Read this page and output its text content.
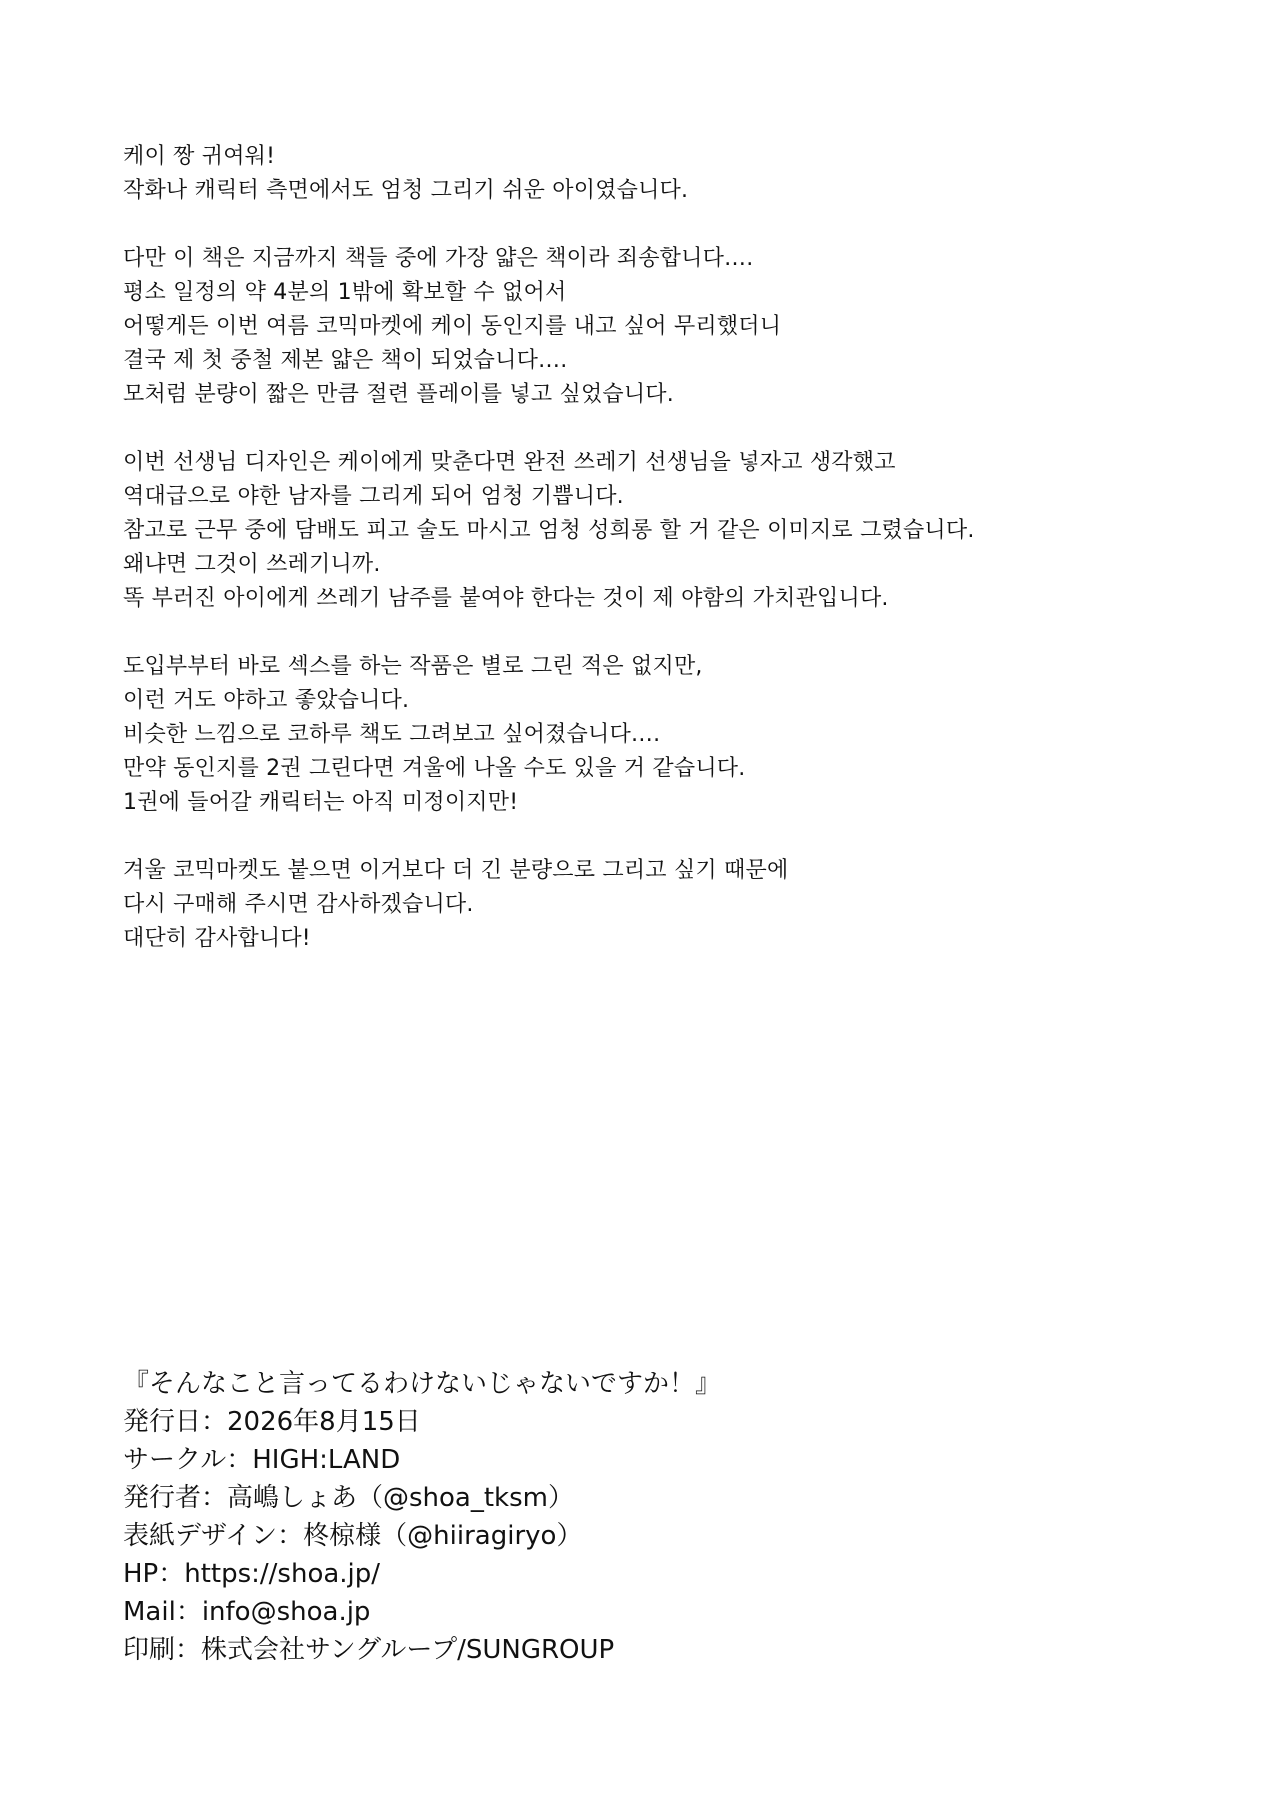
케이 짱 귀여워!
작화나 캐릭터 측면에서도 엄청 그리기 쉬운 아이였습니다.
다만 이 책은 지금까지 책들 중에 가장 얇은 책이라 죄송합니다….
평소 일정의 약 4분의 1밖에 확보할 수 없어서
어떻게든 이번 여름 코믹마켓에 케이 동인지를 내고 싶어 무리했더니
결국 제 첫 중철 제본 얇은 책이 되었습니다….
모처럼 분량이 짧은 만큼 절련 플레이를 넣고 싶었습니다.
이번 선생님 디자인은 케이에게 맞춘다면 완전 쓰레기 선생님을 넣자고 생각했고
역대급으로 야한 남자를 그리게 되어 엄청 기쁩니다.
참고로 근무 중에 담배도 피고 술도 마시고 엄청 성희롱 할 거 같은 이미지로 그렸습니다.
왜냐면 그것이 쓰레기니까.
똑 부러진 아이에게 쓰레기 남주를 붙여야 한다는 것이 제 야함의 가치관입니다.
도입부부터 바로 섹스를 하는 작품은 별로 그린 적은 없지만,
이런 거도 야하고 좋았습니다.
비슷한 느낌으로 코하루 책도 그려보고 싶어졌습니다….
만약 동인지를 2권 그린다면 겨울에 나올 수도 있을 거 같습니다.
1권에 들어갈 캐릭터는 아직 미정이지만!
겨울 코믹마켓도 붙으면 이거보다 더 긴 분량으로 그리고 싶기 때문에
다시 구매해 주시면 감사하겠습니다.
대단히 감사합니다!
『そんなこと言ってるわけないじゃないですか！』
発行日：2026年8月15日
サークル：HIGH:LAND
発行者：高嶋しょあ（@shoa_tksm）
表紙デザイン：柊椋様（@hiiragiryo）
HP：https://shoa.jp/
Mail：info@shoa.jp
印刷：株式会社サングループ/SUNGROUP
